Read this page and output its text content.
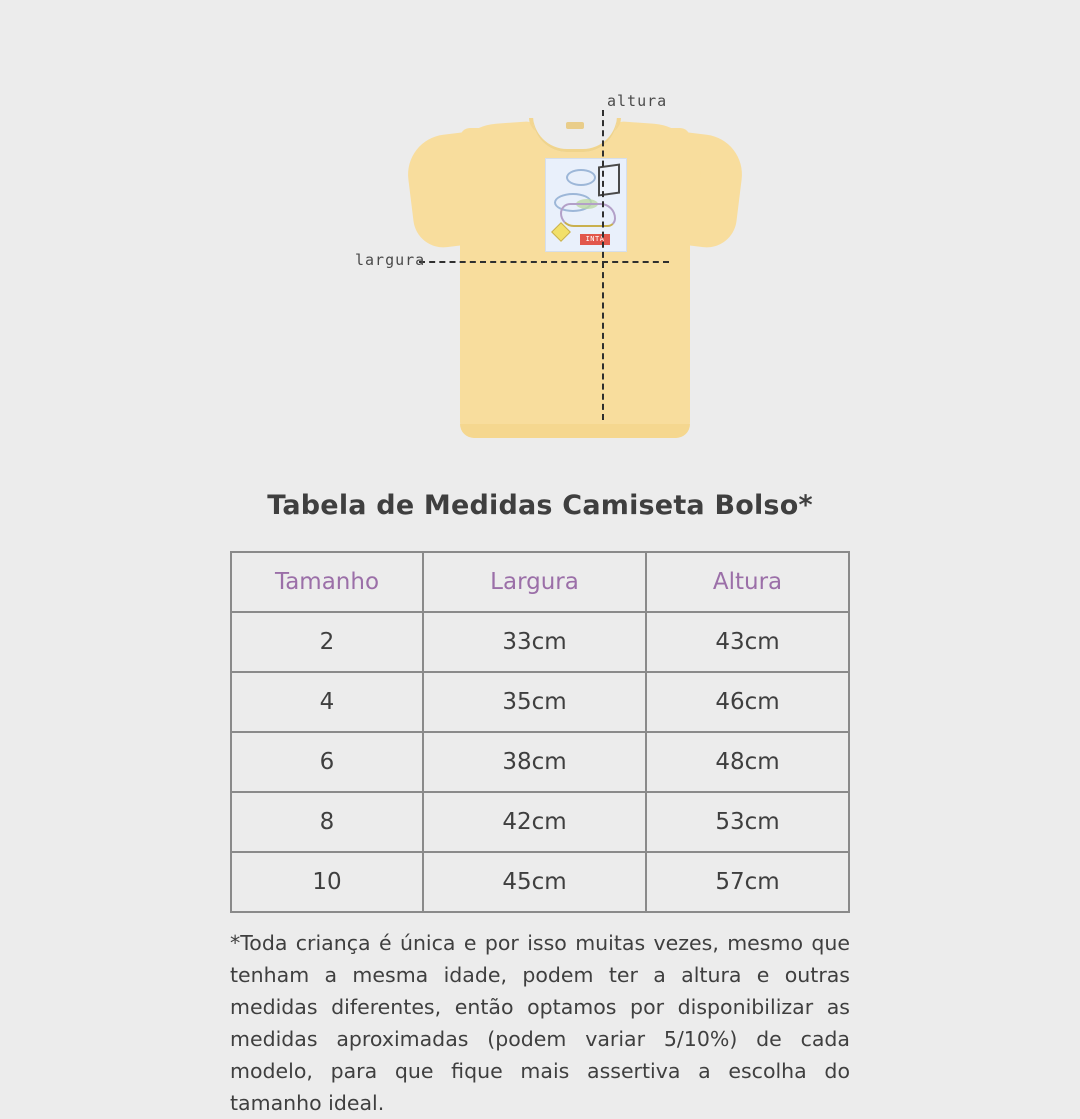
INTA
altura
largura
Tabela de Medidas Camiseta Bolso*
Tamanho	Largura	Altura
2	33cm	43cm
4	35cm	46cm
6	38cm	48cm
8	42cm	53cm
10	45cm	57cm

*Toda criança é única e por isso muitas vezes, mesmo que tenham a mesma idade, podem ter a altura e outras medidas diferentes, então optamos por disponibilizar as medidas aproximadas (podem variar 5/10%) de cada modelo, para que fique mais assertiva a escolha do tamanho ideal.
